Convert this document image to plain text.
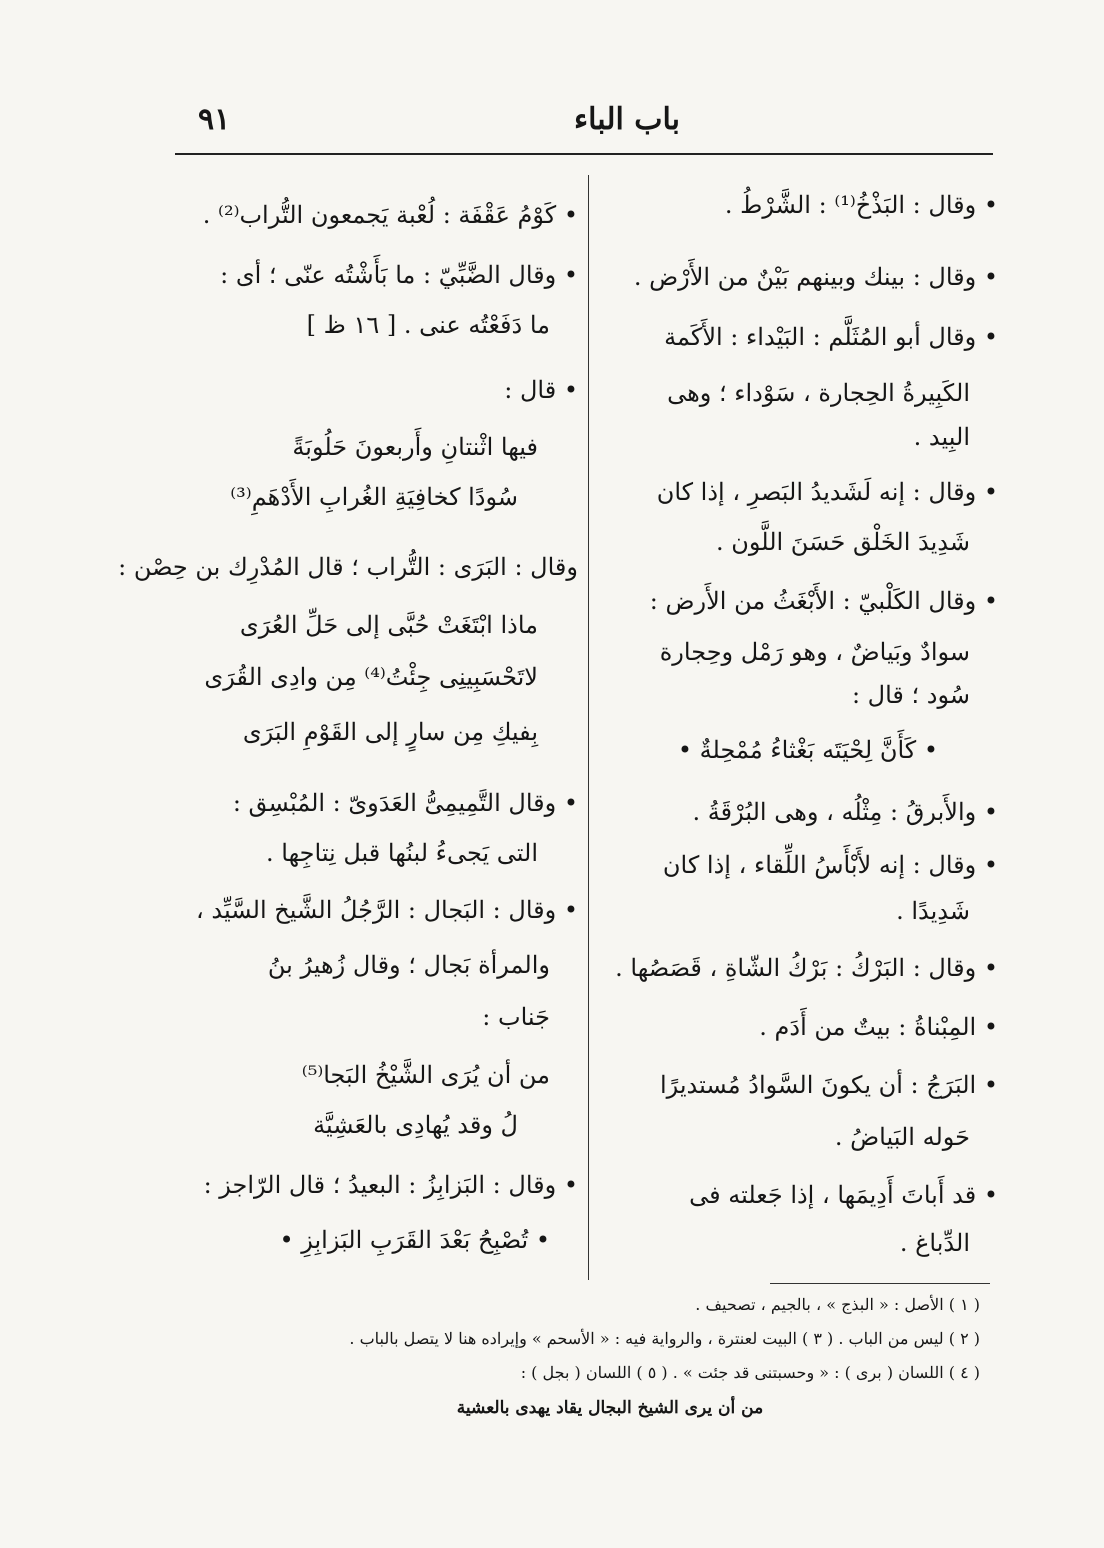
باب الباء
٩١
• وقال : البَذْخُ⁽¹⁾ : الشَّرْطُ .
• وقال : بينك وبينهم بَيْنٌ من الأَرْض .
• وقال أبو المُثَلَّم : البَيْداء : الأَكَمة
الكَبِيرةُ الحِجارة ، سَوْداء ؛ وهى
البِيد .
• وقال : إنه لَشَديدُ البَصرِ ، إذا كان
شَدِيدَ الخَلْق حَسَنَ اللَّون .
• وقال الكَلْبيّ : الأَبْغَثُ من الأَرض :
سوادٌ وبَياضٌ ، وهو رَمْل وحِجارة
سُود ؛ قال :
• كَأَنَّ لِحْيَتَه بَغْثاءُ مُمْحِلةٌ •
• والأَبرقُ : مِثْلُه ، وهى البُرْقَةُ .
• وقال : إنه لأَبْأَسُ اللِّقاء ، إذا كان
شَدِيدًا .
• وقال : البَرْكُ : بَرْكُ الشّاةِ ، قَصَصُها .
• المِبْناةُ : بيتٌ من أَدَم .
• البَرَجُ : أن يكونَ السَّوادُ مُستديرًا
حَوله البَياضُ .
• قد أَباتَ أَدِيمَها ، إذا جَعلته فى
الدِّباغ .
• كَوْمُ عَقْفَة : لُعْبة يَجمعون التُّراب⁽²⁾ .
• وقال الضَّبِّيّ : ما بَأَشْتُه عنّى ؛ أى :
ما دَفَعْتُه عنى . [ ١٦ ظ ]
• قال :
فيها اثْنتانِ وأَربعونَ حَلُوبَةً
سُودًا كخافِيَةِ الغُرابِ الأَدْهَمِ⁽³⁾
وقال : البَرَى : التُّراب ؛ قال المُدْرِك بن حِصْن :
ماذا ابْتَغَتْ حُبَّى إلى حَلِّ العُرَى
لاتَحْسَبِينِى جِئْتُ⁽⁴⁾ مِن وادِى القُرَى
بِفيكِ مِن سارٍ إلى القَوْمِ البَرَى
• وقال التَّمِيمِىُّ العَدَوىّ : المُبْسِق :
التى يَجىءُ لبنُها قبل نِتاجِها .
• وقال : البَجال : الرَّجُلُ الشَّيخ السَّيِّد ،
والمرأة بَجال ؛ وقال زُهيرُ بنُ
جَناب :
من أن يُرَى الشَّيْخُ البَجا⁽⁵⁾
لُ وقد يُهادِى بالعَشِيَّة
• وقال : البَزابِزُ : البعيدُ ؛ قال الرّاجز :
• تُصْبِحُ بَعْدَ القَرَبِ البَزابِزِ •
( ١ ) الأصل : « البذج » ، بالجيم ، تصحيف .
( ٢ ) ليس من الباب . ( ٣ ) البيت لعنترة ، والرواية فيه : « الأسحم » وإيراده هنا لا يتصل بالباب .
( ٤ ) اللسان ( برى ) : « وحسبتنى قد جئت » . ( ٥ ) اللسان ( بجل ) :
من أن يرى الشيخ البجال يقاد يهدى بالعشية
